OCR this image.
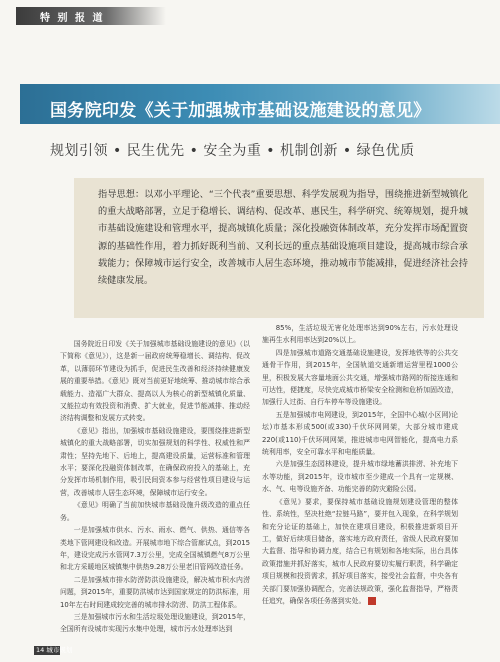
特 别 报 道
国务院印发《关于加强城市基础设施建设的意见》
规划引领 • 民生优先 • 安全为重 • 机制创新 • 绿色优质
指导思想：以邓小平理论、“三个代表”重要思想、科学发展观为指导，围绕推进新型城镇化的重大战略部署，立足于稳增长、调结构、促改革、惠民生，科学研究、统筹规划，提升城市基础设施建设和管理水平，提高城镇化质量；深化投融资体制改革，充分发挥市场配置资源的基础性作用，着力抓好既利当前、又利长远的重点基础设施项目建设，提高城市综合承载能力；保障城市运行安全，改善城市人居生态环境，推动城市节能减排，促进经济社会持续健康发展。

国务院近日印发《关于加强城市基础设施建设的意见》（以下简称《意见》），这是新一届政府统筹稳增长、调结构、促改革，以薄弱环节建设为抓手，促进民生改善和经济持续健康发展的重要举措。《意见》既对当前更好地统筹、推动城市综合承载能力、造福广大群众、提高以人为核心的新型城镇化质量、又能拉动有效投资和消费、扩大就业，促进节能减排、推动经济结构调整和发展方式转变。

《意见》指出，加强城市基础设施建设，要围绕推进新型城镇化的重大战略部署，切实加强规划的科学性、权威性和严肃性；坚持先地下、后地上，提高建设质量，运营标准和管理水平；要深化投融资体制改革，在确保政府投入的基础上，充分发挥市场机制作用，吸引民间资本参与经营性项目建设与运营，改善城市人居生态环境，保障城市运行安全。

《意见》明确了当前加快城市基础设施升级改造的重点任务。

一是加强城市供水、污水、雨水、燃气、供热、通信等各类地下管网建设和改造。开展城市地下综合管廊试点，到2015年，建设完成污水管网7.3万公里，完成全国城镇燃气8万公里和北方采暖地区城镇集中供热9.28万公里老旧管网改造任务。

二是加强城市排水防涝防洪设施建设，解决城市积水内涝问题，到2015年，重要防洪城市达到国家规定的防洪标准，用10年左右时间建成较完善的城市排水防涝、防洪工程体系。

三是加强城市污水和生活垃圾处理设施建设，到2015年，全国所有设城市实现污水集中处理，城市污水处理率达到

85%，生活垃圾无害化处理率达到90%左右，污水处理设施再生水利用率达到20%以上。

四是加强城市道路交通基础设施建设，发挥地铁等的公共交通骨干作用，到2015年，全国轨道交通新增运营里程1000公里，积极发展大容量地面公共交通，增强城市路网的衔接连通和可达性，便捷度，尽快完成城市桥梁安全检测和危桥加固改造，加强行人过街、自行车停车等设施建设。

五是加强城市电网建设，到2015年，全国中心城(小区网)论坛)市基本形成500(或330)千伏环网网架，大部分城市建成220(或110)千伏环网网架，推进城市电网智能化，提高电力系统利用率，安全可靠水平和电能质量。

六是加强生态园林建设，提升城市绿地蓄洪排涝、补充地下水等功能，到2015年，设市城市至少建成一个具有一定规模、水、气、电等设施齐备、功能完善的防灾避险公园。

《意见》要求，要保持城市基础设施规划建设管理的整体性、系统性，坚决杜绝“拉链马路”，要并包入现象，在科学规划和充分论证的基础上，加快在建项目建设，积极推进新项目开工，做好后续项目储备，落实地方政府责任，省级人民政府要加大监督、指导和协调力度，结合已有规划和各地实际，出台具体政策措施并抓好落实，城市人民政府要切实履行职责，科学确定项目规模和投资需求，抓好项目落实，接受社会监督，中央各有关部门要加强协调配合，完善法规政策，强化监督指导，严格责任追究，确保各项任务落到实处。

14 城市规划
